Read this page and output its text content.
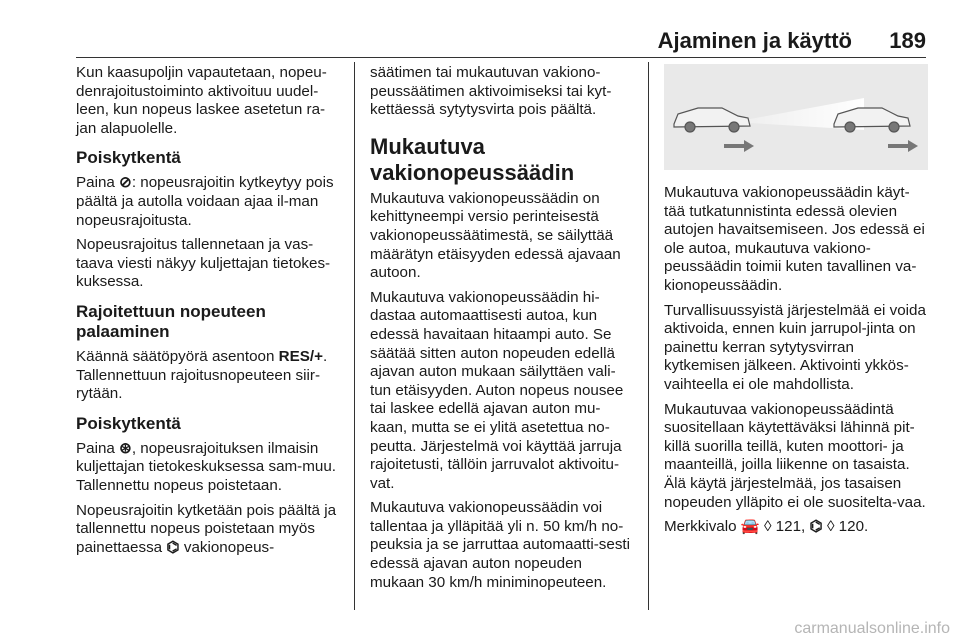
Ajaminen ja käyttö 189

Kun kaasupoljin vapautetaan, nopeu-denrajoitustoiminto aktivoituu uudel-leen, kun nopeus laskee asetetun ra-jan alapuolelle.

Poiskytkentä

Paina ⊘: nopeusrajoitin kytkeytyy pois päältä ja autolla voidaan ajaa il-man nopeusrajoitusta.

Nopeusrajoitus tallennetaan ja vas-taava viesti näkyy kuljettajan tietokes-kuksessa.

Rajoitettuun nopeuteen palaaminen

Käännä säätöpyörä asentoon RES/+. Tallennettuun rajoitusnopeuteen siir-rytään.

Poiskytkentä

Paina ⊛, nopeusrajoituksen ilmaisin kuljettajan tietokeskuksessa sam-muu. Tallennettu nopeus poistetaan.

Nopeusrajoitin kytketään pois päältä ja tallennettu nopeus poistetaan myös painettaessa ⌬ vakionopeus-

säätimen tai mukautuvan vakiono-peussäätimen aktivoimiseksi tai kyt-kettäessä sytytysvirta pois päältä.

Mukautuva vakionopeussäädin

Mukautuva vakionopeussäädin on kehittyneempi versio perinteisestä vakionopeussäätimestä, se säilyttää määrätyn etäisyyden edessä ajavaan autoon.

Mukautuva vakionopeussäädin hi-dastaa automaattisesti autoa, kun edessä havaitaan hitaampi auto. Se säätää sitten auton nopeuden edellä ajavan auton mukaan säilyttäen vali-tun etäisyyden. Auton nopeus nousee tai laskee edellä ajavan auton mu-kaan, mutta se ei ylitä asetettua no-peutta. Järjestelmä voi käyttää jarruja rajoitetusti, tällöin jarruvalot aktivoitu-vat.

Mukautuva vakionopeussäädin voi tallentaa ja ylläpitää yli n. 50 km/h no-peuksia ja se jarruttaa automaatti-sesti edessä ajavan auton nopeuden mukaan 30 km/h miniminopeuteen.

Mukautuva vakionopeussäädin käyt-tää tutkatunnistinta edessä olevien autojen havaitsemiseen. Jos edessä ei ole autoa, mukautuva vakiono-peussäädin toimii kuten tavallinen va-kionopeussäädin.

Turvallisuussyistä järjestelmää ei voida aktivoida, ennen kuin jarrupol-jinta on painettu kerran sytytysvirran kytkemisen jälkeen. Aktivointi ykkös-vaihteella ei ole mahdollista.

Mukautuvaa vakionopeussäädintä suositellaan käytettäväksi lähinnä pit-killä suorilla teillä, kuten moottori- ja maanteillä, joilla liikenne on tasaista. Älä käytä järjestelmää, jos tasaisen nopeuden ylläpito ei ole suositelta-vaa.

Merkkivalo 🚘 ◊ 121, ⌬ ◊ 120.

carmanualsonline.info
